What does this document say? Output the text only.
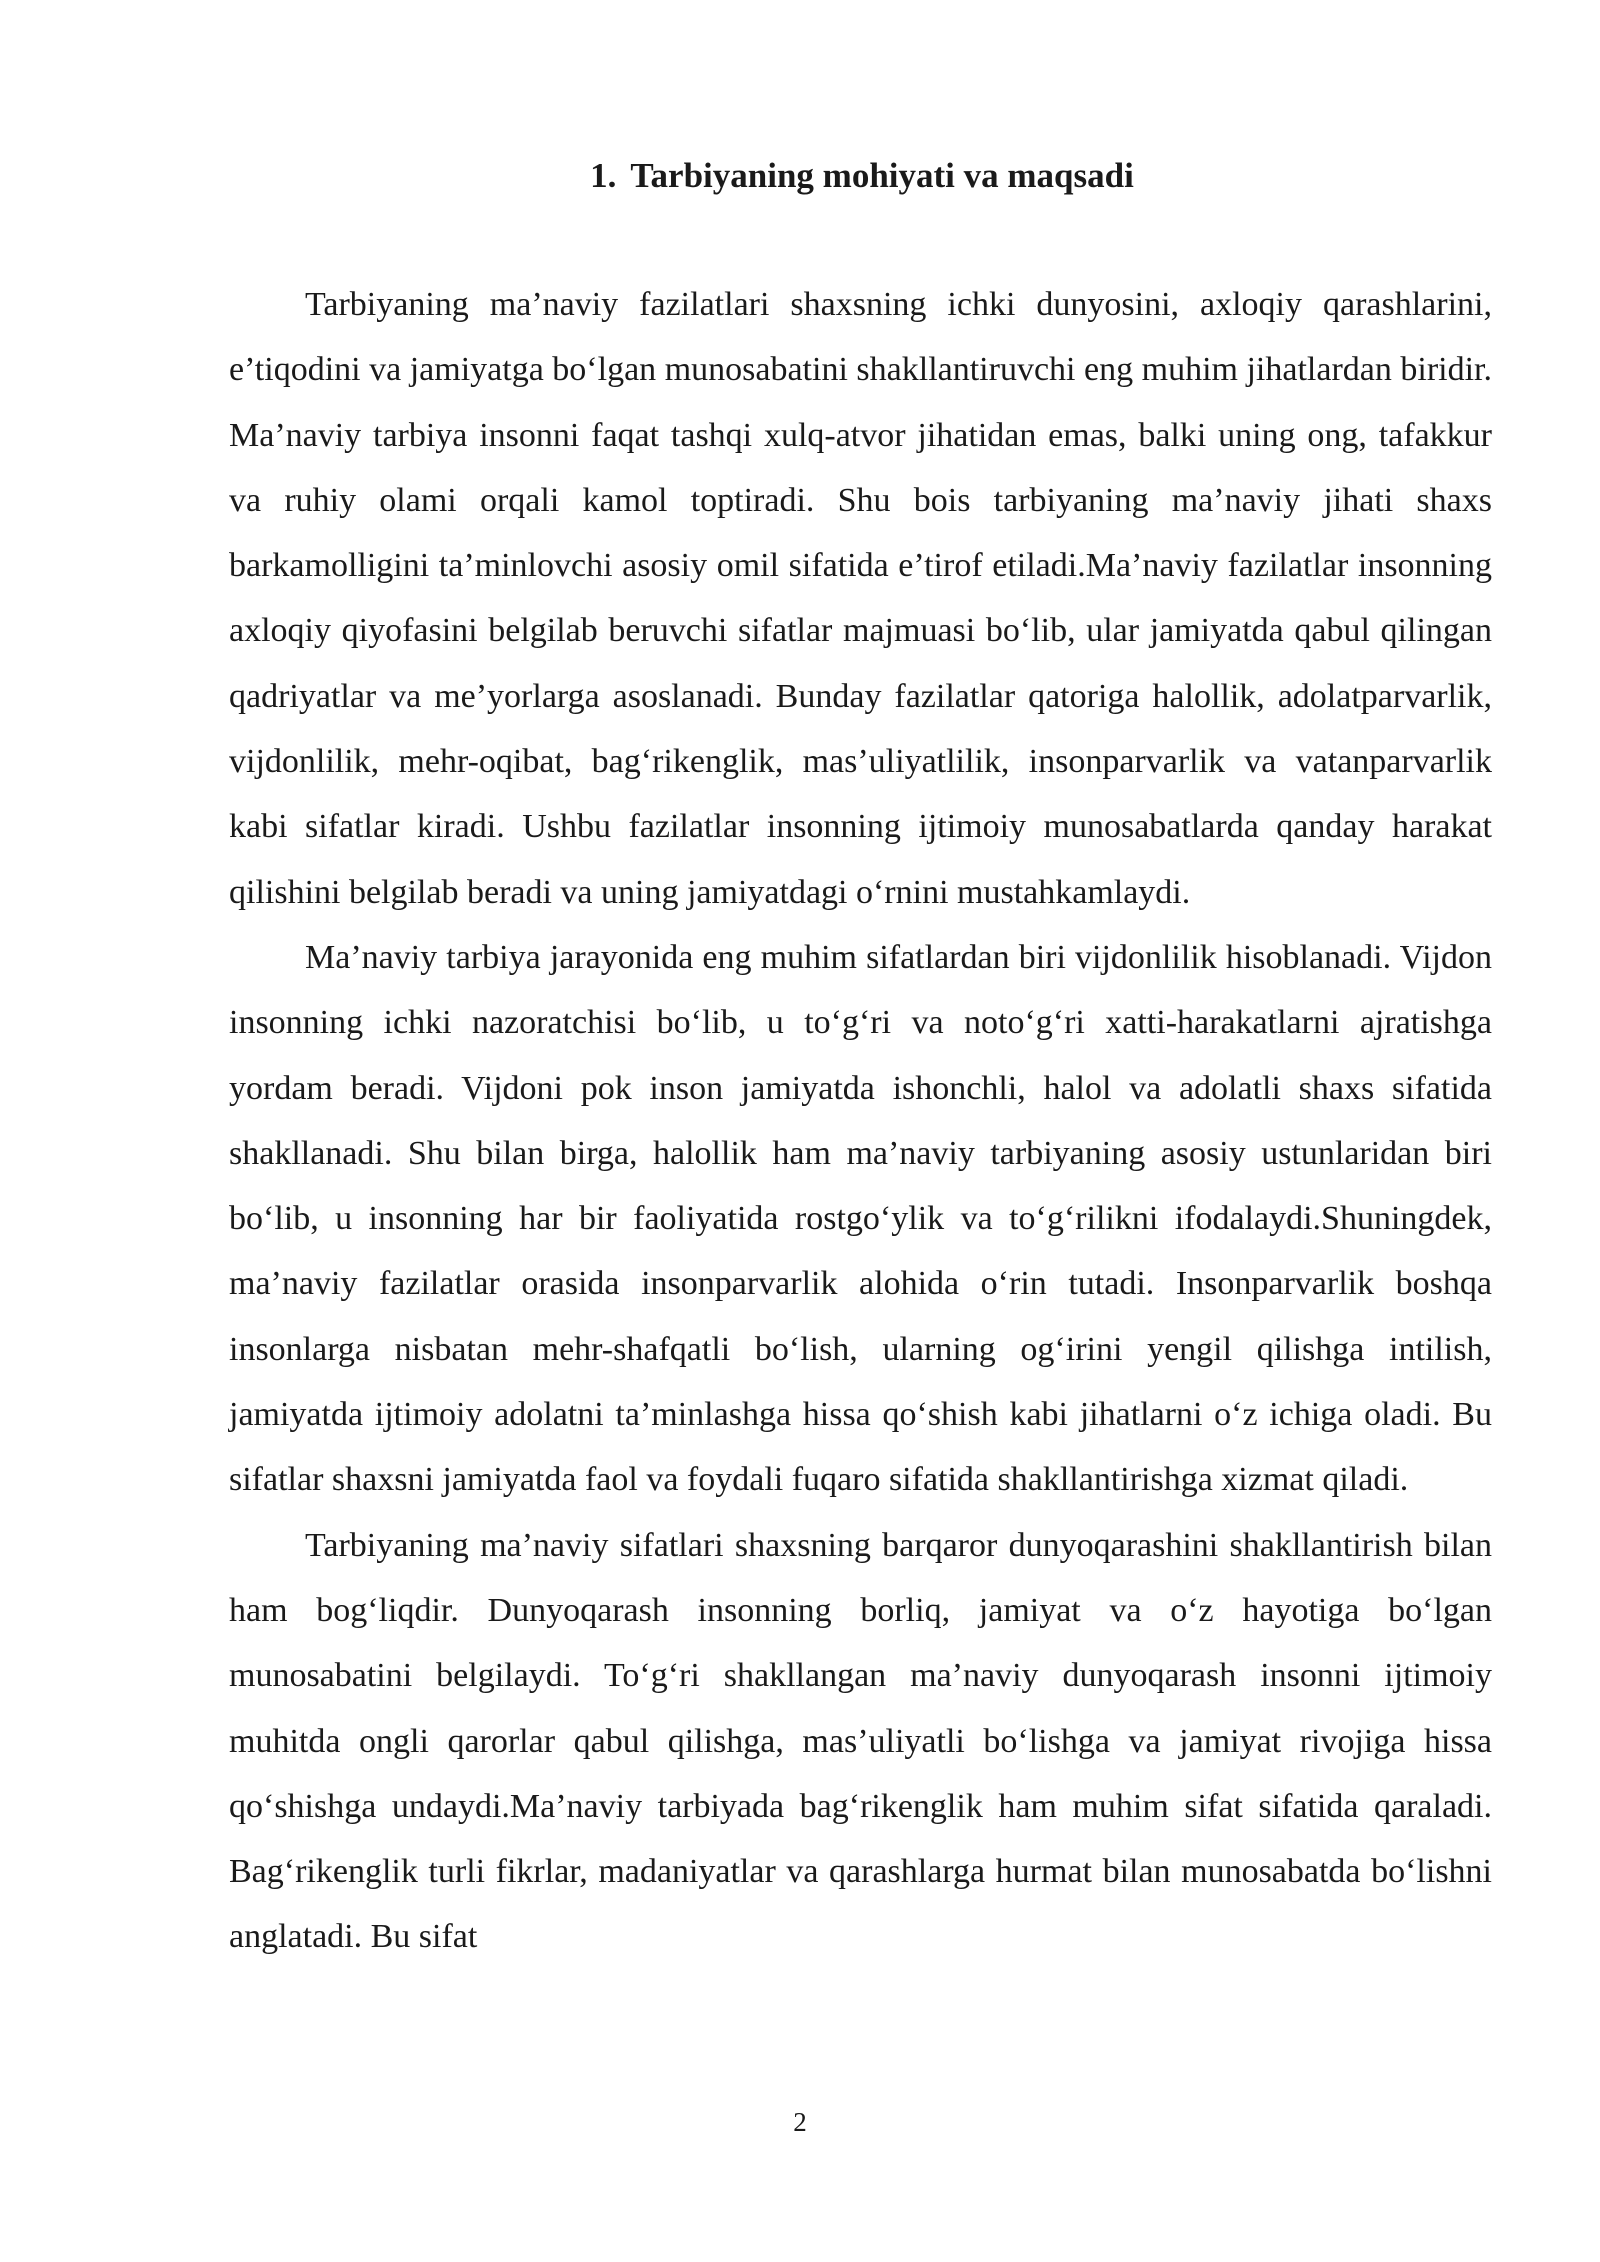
1. Tarbiyaning mohiyati va maqsadi

Tarbiyaning ma’naviy fazilatlari shaxsning ichki dunyosini, axloqiy qarashlarini, e’tiqodini va jamiyatga bo‘lgan munosabatini shakllantiruvchi eng muhim jihatlardan biridir. Ma’naviy tarbiya insonni faqat tashqi xulq-atvor jihatidan emas, balki uning ong, tafakkur va ruhiy olami orqali kamol toptiradi. Shu bois tarbiyaning ma’naviy jihati shaxs barkamolligini ta’minlovchi asosiy omil sifatida e’tirof etiladi.Ma’naviy fazilatlar insonning axloqiy qiyofasini belgilab beruvchi sifatlar majmuasi bo‘lib, ular jamiyatda qabul qilingan qadriyatlar va me’yorlarga asoslanadi. Bunday fazilatlar qatoriga halollik, adolatparvarlik, vijdonlilik, mehr-oqibat, bag‘rikenglik, mas’uliyatlilik, insonparvarlik va vatanparvarlik kabi sifatlar kiradi. Ushbu fazilatlar insonning ijtimoiy munosabatlarda qanday harakat qilishini belgilab beradi va uning jamiyatdagi o‘rnini mustahkamlaydi.

Ma’naviy tarbiya jarayonida eng muhim sifatlardan biri vijdonlilik hisoblanadi. Vijdon insonning ichki nazoratchisi bo‘lib, u to‘g‘ri va noto‘g‘ri xatti-harakatlarni ajratishga yordam beradi. Vijdoni pok inson jamiyatda ishonchli, halol va adolatli shaxs sifatida shakllanadi. Shu bilan birga, halollik ham ma’naviy tarbiyaning asosiy ustunlaridan biri bo‘lib, u insonning har bir faoliyatida rostgo‘ylik va to‘g‘rilikni ifodalaydi.Shuningdek, ma’naviy fazilatlar orasida insonparvarlik alohida o‘rin tutadi. Insonparvarlik boshqa insonlarga nisbatan mehr-shafqatli bo‘lish, ularning og‘irini yengil qilishga intilish, jamiyatda ijtimoiy adolatni ta’minlashga hissa qo‘shish kabi jihatlarni o‘z ichiga oladi. Bu sifatlar shaxsni jamiyatda faol va foydali fuqaro sifatida shakllantirishga xizmat qiladi.

Tarbiyaning ma’naviy sifatlari shaxsning barqaror dunyoqarashini shakllantirish bilan ham bog‘liqdir. Dunyoqarash insonning borliq, jamiyat va o‘z hayotiga bo‘lgan munosabatini belgilaydi. To‘g‘ri shakllangan ma’naviy dunyoqarash insonni ijtimoiy muhitda ongli qarorlar qabul qilishga, mas’uliyatli bo‘lishga va jamiyat rivojiga hissa qo‘shishga undaydi.Ma’naviy tarbiyada bag‘rikenglik ham muhim sifat sifatida qaraladi. Bag‘rikenglik turli fikrlar, madaniyatlar va qarashlarga hurmat bilan munosabatda bo‘lishni anglatadi. Bu sifat

2
